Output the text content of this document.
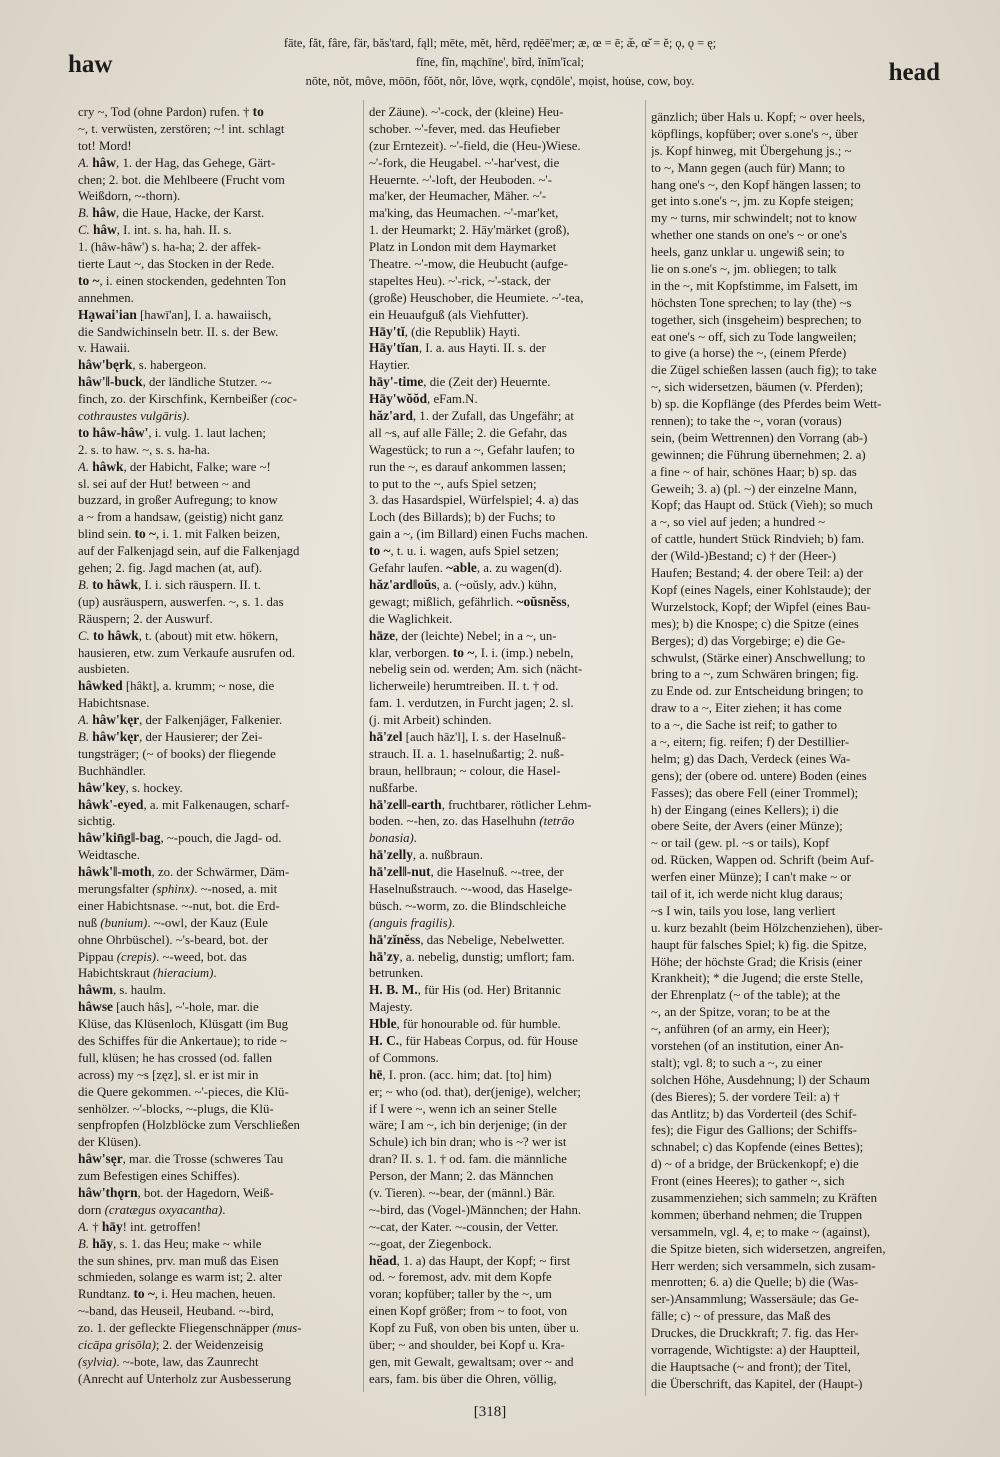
haw
fāte, făt, fâre, fär, băs'tard, fąll; mēte, mĕt, hẽrd, rędēē'mer; æ, œ = ē; æ̆, œ̆ = ĕ; ǫ, ǫ = ę;
fīne, fĭn, mąchīne', bĩrd, ĭnĭm'ĭcal;
nōte, nŏt, môve, mōōn, fŏŏt, nôr, lŏve, wǫrk, cǫndōle', mọist, hou̇se, cow, boy.	head
cry ~, Tod (ohne Pardon) rufen. † to
~, t. verwüsten, zerstören; ~! int. schlagt
tot! Mord!
A. hâw, 1. der Hag, das Gehege, Gärt-
chen; 2. bot. die Mehlbeere (Frucht vom
Weißdorn, ~-thorn).
B. hâw, die Haue, Hacke, der Karst.
C. hâw, I. int. s. ha, hah. II. s.
1. (hâw-hâw') s. ha-ha; 2. der affek-
tierte Laut ~, das Stocken in der Rede.
to ~, i. einen stockenden, gedehnten Ton
annehmen.
Hạwai'ian [hawī'an], I. a. hawaiisch,
die Sandwichinseln betr. II. s. der Bew.
v. Hawaii.
hâw'bęrk, s. habergeon.
hâw'‖-buck, der ländliche Stutzer. ~-
finch, zo. der Kirschfink, Kernbeißer (coc-
cothraustes vulgāris).
to hâw-hâw', i. vulg. 1. laut lachen;
2. s. to haw. ~, s. s. ha-ha.
A. hâwk, der Habicht, Falke; ware ~!
sl. sei auf der Hut! between ~ and
buzzard, in großer Aufregung; to know
a ~ from a handsaw, (geistig) nicht ganz
blind sein. to ~, i. 1. mit Falken beizen,
auf der Falkenjagd sein, auf die Falkenjagd
gehen; 2. fig. Jagd machen (at, auf).
B. to hâwk, I. i. sich räuspern. II. t.
(up) ausräuspern, auswerfen. ~, s. 1. das
Räuspern; 2. der Auswurf.
C. to hâwk, t. (about) mit etw. hökern,
hausieren, etw. zum Verkaufe ausrufen od.
ausbieten.
hâwked [hâkt], a. krumm; ~ nose, die
Habichtsnase.
A. hâw'kęr, der Falkenjäger, Falkenier.
B. hâw'kęr, der Hausierer; der Zei-
tungsträger; (~ of books) der fliegende
Buchhändler.
hâw'key, s. hockey.
hâwk'-eyed, a. mit Falkenaugen, scharf-
sichtig.
hâw'kin̄g‖-bag, ~-pouch, die Jagd- od.
Weidtasche.
hâwk'‖-moth, zo. der Schwärmer, Däm-
merungsfalter (sphinx). ~-nosed, a. mit
einer Habichtsnase. ~-nut, bot. die Erd-
nuß (bunium). ~-owl, der Kauz (Eule
ohne Ohrbüschel). ~'s-beard, bot. der
Pippau (crepis). ~-weed, bot. das
Habichtskraut (hieracium).
hâwm, s. haulm.
hâwse [auch hâs], ~'-hole, mar. die
Klüse, das Klüsenloch, Klüsgatt (im Bug
des Schiffes für die Ankertaue); to ride ~
full, klüsen; he has crossed (od. fallen
across) my ~s [zęz], sl. er ist mir in
die Quere gekommen. ~'-pieces, die Klü-
senhölzer. ~'-blocks, ~-plugs, die Klü-
senpfropfen (Holzblöcke zum Verschließen
der Klüsen).
hâw'sęr, mar. die Trosse (schweres Tau
zum Befestigen eines Schiffes).
hâw'thǫrn, bot. der Hagedorn, Weiß-
dorn (cratægus oxyacantha).
A. † hāy! int. getroffen!
B. hāy, s. 1. das Heu; make ~ while
the sun shines, prv. man muß das Eisen
schmieden, solange es warm ist; 2. alter
Rundtanz. to ~, i. Heu machen, heuen.
~-band, das Heuseil, Heuband. ~-bird,
zo. 1. der gefleckte Fliegenschnäpper (mus-
cicāpa grisōla); 2. der Weidenzeisig
(sylvia). ~-bote, law, das Zaunrecht
(Anrecht auf Unterholz zur Ausbesserung
der Zäune). ~'-cock, der (kleine) Heu-
schober. ~'-fever, med. das Heufieber
(zur Erntezeit). ~'-field, die (Heu-)Wiese.
~'-fork, die Heugabel. ~'-har'vest, die
Heuernte. ~'-loft, der Heuboden. ~'-
ma'ker, der Heumacher, Mäher. ~'-
ma'king, das Heumachen. ~'-mar'ket,
1. der Heumarkt; 2. Hāy'märket (groß),
Platz in London mit dem Haymarket
Theatre. ~'-mow, die Heubucht (aufge-
stapeltes Heu). ~'-rick, ~'-stack, der
(große) Heuschober, die Heumiete. ~'-tea,
ein Heuaufguß (als Viehfutter).
Hāy'tĭ, (die Republik) Hayti.
Hāy'tĭan, I. a. aus Hayti. II. s. der
Haytier.
hāy'-time, die (Zeit der) Heuernte.
Hāy'wŏŏd, eFam.N.
hăz'ard, 1. der Zufall, das Ungefähr; at
all ~s, auf alle Fälle; 2. die Gefahr, das
Wagestück; to run a ~, Gefahr laufen; to
run the ~, es darauf ankommen lassen;
to put to the ~, aufs Spiel setzen;
3. das Hasardspiel, Würfelspiel; 4. a) das
Loch (des Billards); b) der Fuchs; to
gain a ~, (im Billard) einen Fuchs machen.
to ~, t. u. i. wagen, aufs Spiel setzen;
Gefahr laufen. ~able, a. zu wagen(d).
hăz'ard‖oŭs, a. (~oŭsly, adv.) kühn,
gewagt; mißlich, gefährlich. ~oŭsnĕss,
die Waglichkeit.
hāze, der (leichte) Nebel; in a ~, un-
klar, verborgen. to ~, I. i. (imp.) nebeln,
nebelig sein od. werden; Am. sich (nächt-
licherweile) herumtreiben. II. t. † od.
fam. 1. verdutzen, in Furcht jagen; 2. sl.
(j. mit Arbeit) schinden.
hā'zel [auch hāz'l], I. s. der Haselnuß-
strauch. II. a. 1. haselnußartig; 2. nuß-
braun, hellbraun; ~ colour, die Hasel-
nußfarbe.
hā'zel‖-earth, fruchtbarer, rötlicher Lehm-
boden. ~-hen, zo. das Haselhuhn (tetrāo
bonasia).
hā'zelly, a. nußbraun.
hā'zel‖-nut, die Haselnuß. ~-tree, der
Haselnußstrauch. ~-wood, das Haselge-
büsch. ~-worm, zo. die Blindschleiche
(anguis fragilis).
hā'zĭnĕss, das Nebelige, Nebelwetter.
hā'zy, a. nebelig, dunstig; umflort; fam.
betrunken.
H. B. M., für His (od. Her) Britannic
Majesty.
Hble, für honourable od. für humble.
H. C., für Habeas Corpus, od. für House
of Commons.
hē, I. pron. (acc. him; dat. [to] him)
er; ~ who (od. that), der(jenige), welcher;
if I were ~, wenn ich an seiner Stelle
wäre; I am ~, ich bin derjenige; (in der
Schule) ich bin dran; who is ~? wer ist
dran? II. s. 1. † od. fam. die männliche
Person, der Mann; 2. das Männchen
(v. Tieren). ~-bear, der (männl.) Bär.
~-bird, das (Vogel-)Männchen; der Hahn.
~-cat, der Kater. ~-cousin, der Vetter.
~-goat, der Ziegenbock.
hĕad, 1. a) das Haupt, der Kopf; ~ first
od. ~ foremost, adv. mit dem Kopfe
voran; kopfüber; taller by the ~, um
einen Kopf größer; from ~ to foot, von
Kopf zu Fuß, von oben bis unten, über u.
über; ~ and shoulder, bei Kopf u. Kra-
gen, mit Gewalt, gewaltsam; over ~ and
ears, fam. bis über die Ohren, völlig,
gänzlich; über Hals u. Kopf; ~ over heels,
köpflings, kopfüber; over s.one's ~, über
js. Kopf hinweg, mit Übergehung js.; ~
to ~, Mann gegen (auch für) Mann; to
hang one's ~, den Kopf hängen lassen; to
get into s.one's ~, jm. zu Kopfe steigen;
my ~ turns, mir schwindelt; not to know
whether one stands on one's ~ or one's
heels, ganz unklar u. ungewiß sein; to
lie on s.one's ~, jm. obliegen; to talk
in the ~, mit Kopfstimme, im Falsett, im
höchsten Tone sprechen; to lay (the) ~s
together, sich (insgeheim) besprechen; to
eat one's ~ off, sich zu Tode langweilen;
to give (a horse) the ~, (einem Pferde)
die Zügel schießen lassen (auch fig); to take
~, sich widersetzen, bäumen (v. Pferden);
b) sp. die Kopflänge (des Pferdes beim Wett-
rennen); to take the ~, voran (voraus)
sein, (beim Wettrennen) den Vorrang (ab-)
gewinnen; die Führung übernehmen; 2. a)
a fine ~ of hair, schönes Haar; b) sp. das
Geweih; 3. a) (pl. ~) der einzelne Mann,
Kopf; das Haupt od. Stück (Vieh); so much
a ~, so viel auf jeden; a hundred ~
of cattle, hundert Stück Rindvieh; b) fam.
der (Wild-)Bestand; c) † der (Heer-)
Haufen; Bestand; 4. der obere Teil: a) der
Kopf (eines Nagels, einer Kohlstaude); der
Wurzelstock, Kopf; der Wipfel (eines Bau-
mes); b) die Knospe; c) die Spitze (eines
Berges); d) das Vorgebirge; e) die Ge-
schwulst, (Stärke einer) Anschwellung; to
bring to a ~, zum Schwären bringen; fig.
zu Ende od. zur Entscheidung bringen; to
draw to a ~, Eiter ziehen; it has come
to a ~, die Sache ist reif; to gather to
a ~, eitern; fig. reifen; f) der Destillier-
helm; g) das Dach, Verdeck (eines Wa-
gens); der (obere od. untere) Boden (eines
Fasses); das obere Fell (einer Trommel);
h) der Eingang (eines Kellers); i) die
obere Seite, der Avers (einer Münze);
~ or tail (gew. pl. ~s or tails), Kopf
od. Rücken, Wappen od. Schrift (beim Auf-
werfen einer Münze); I can't make ~ or
tail of it, ich werde nicht klug daraus;
~s I win, tails you lose, lang verliert
u. kurz bezahlt (beim Hölzchenziehen), über-
haupt für falsches Spiel; k) fig. die Spitze,
Höhe; der höchste Grad; die Krisis (einer
Krankheit); * die Jugend; die erste Stelle,
der Ehrenplatz (~ of the table); at the
~, an der Spitze, voran; to be at the
~, anführen (of an army, ein Heer);
vorstehen (of an institution, einer An-
stalt); vgl. 8; to such a ~, zu einer
solchen Höhe, Ausdehnung; l) der Schaum
(des Bieres); 5. der vordere Teil: a) †
das Antlitz; b) das Vorderteil (des Schif-
fes); die Figur des Gallions; der Schiffs-
schnabel; c) das Kopfende (eines Bettes);
d) ~ of a bridge, der Brückenkopf; e) die
Front (eines Heeres); to gather ~, sich
zusammenziehen; sich sammeln; zu Kräften
kommen; überhand nehmen; die Truppen
versammeln, vgl. 4, e; to make ~ (against),
die Spitze bieten, sich widersetzen, angreifen,
Herr werden; sich versammeln, sich zusam-
menrotten; 6. a) die Quelle; b) die (Was-
ser-)Ansammlung; Wassersäule; das Ge-
fälle; c) ~ of pressure, das Maß des
Druckes, die Druckkraft; 7. fig. das Her-
vorragende, Wichtigste: a) der Hauptteil,
die Hauptsache (~ and front); der Titel,
die Überschrift, das Kapitel, der (Haupt-)
[318]
